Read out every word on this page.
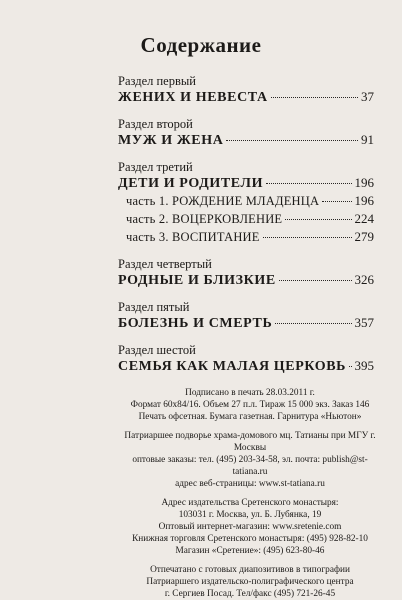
Содержание
Раздел первый
ЖЕНИХ И НЕВЕСТА	37
Раздел второй
МУЖ И ЖЕНА	91
Раздел третий
ДЕТИ И РОДИТЕЛИ	196
часть 1. РОЖДЕНИЕ МЛАДЕНЦА	196
часть 2. ВОЦЕРКОВЛЕНИЕ	224
часть 3. ВОСПИТАНИЕ	279
Раздел четвертый
РОДНЫЕ И БЛИЗКИЕ	326
Раздел пятый
БОЛЕЗНЬ И СМЕРТЬ	357
Раздел шестой
СЕМЬЯ КАК МАЛАЯ ЦЕРКОВЬ 395
Подписано в печать 28.03.2011 г.
Формат 60х84/16. Объем 27 п.л. Тираж 15 000 экз. Заказ 146
Печать офсетная. Бумага газетная. Гарнитура «Ньютон»
Патриаршее подворье храма-домового мц. Татианы при МГУ г. Москвы
оптовые заказы: тел. (495) 203-34-58, эл. почта: publish@st-tatiana.ru
адрес веб-страницы: www.st-tatiana.ru
Адрес издательства Сретенского монастыря:
103031 г. Москва, ул. Б. Лубянка, 19
Оптовый интернет-магазин: www.sretenie.com
Книжная торговля Сретенского монастыря: (495) 928-82-10
Магазин «Сретение»: (495) 623-80-46
Отпечатано с готовых диапозитивов в типографии
Патриаршего издательско-полиграфического центра
г. Сергиев Посад. Тел/факс (495) 721-26-45
